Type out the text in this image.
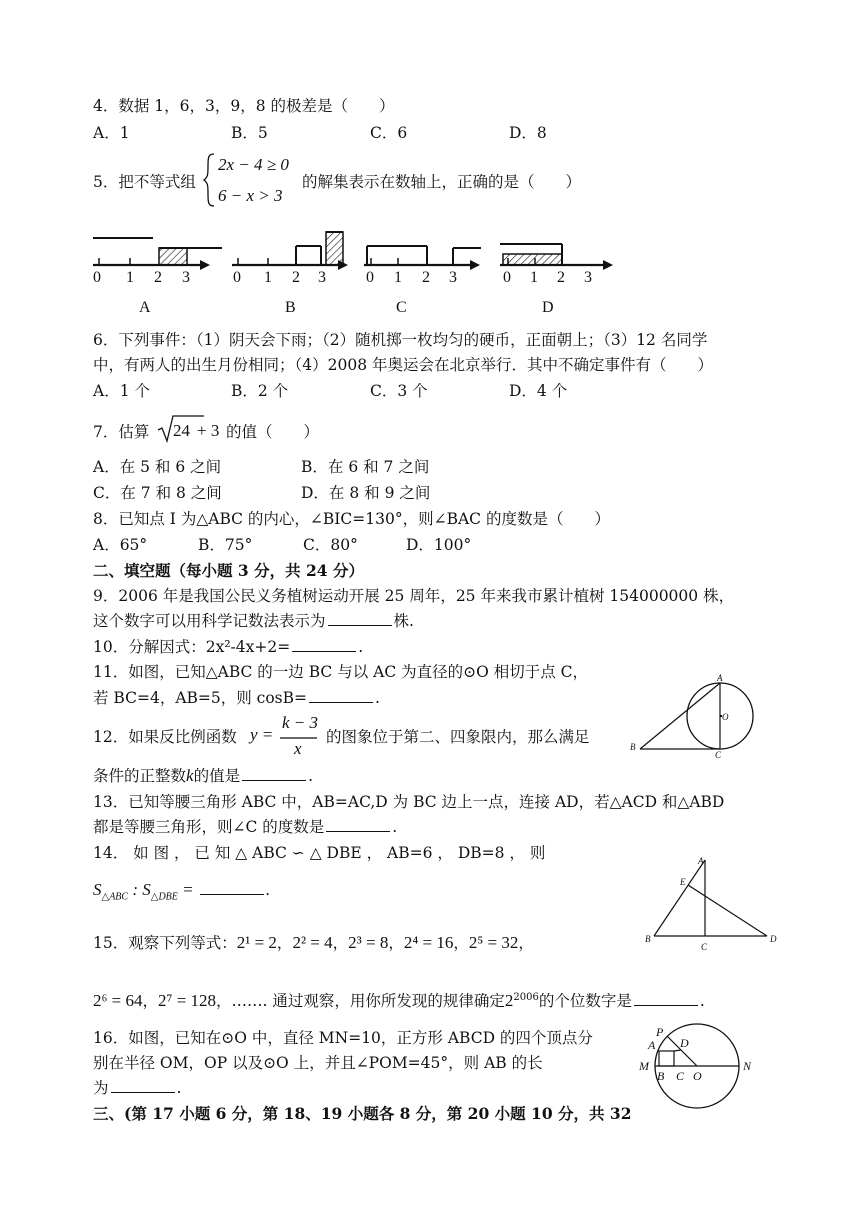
4．数据 1，6，3，9，8 的极差是（　　）
A．1	B．5	C．6	D．8
5．把不等式组
2x − 4 ≥ 0
6 − x > 3
的解集表示在数轴上，正确的是（　　）
0 1 2 3	0 1 2 3	0 1 2 3	0 1 2 3
A	B	C	D
6．下列事件：（1）阴天会下雨；（2）随机掷一枚均匀的硬币，正面朝上；（3）12 名同学
中，有两人的出生月份相同；（4）2008 年奥运会在北京举行．其中不确定事件有（　　）
A．1 个	B．2 个	C．3 个	D．4 个
7．估算 24 + 3 的值（　　）
A．在 5 和 6 之间	B．在 6 和 7 之间
C．在 7 和 8 之间	D．在 8 和 9 之间
8．已知点 I 为△ABC 的内心，∠BIC=130°，则∠BAC 的度数是（　　）
A．65°	B．75°	C．80°	D．100°
二、填空题（每小题 3 分，共 24 分）
9．2006 年是我国公民义务植树运动开展 25 周年，25 年来我市累计植树 154000000 株，
这个数字可以用科学记数法表示为	株.
10．分解因式：2x²-4x+2=	.
11．如图，已知△ABC 的一边 BC 与以 AC 为直径的⊙O 相切于点 C，
若 BC=4，AB=5，则 cosB=	.
A
O
B
C
12．如果反比例函数 y =
k − 3
x
的图象位于第二、四象限内，那么满足
条件的正整数k的值是	.
13．已知等腰三角形 ABC 中，AB=AC,D 为 BC 边上一点，连接 AD，若△ACD 和△ABD
都是等腰三角形，则∠C 的度数是	.
14． 如 图 ， 已 知 △ ABC ∽ △ DBE ， AB=6 ， DB=8 ， 则
$S_{\triangle ABC}$ : $S_{\triangle DBE}$ =	.
A
E
B
C
D
15．观察下列等式：2¹ = 2，2² = 4，2³ = 8，2⁴ = 16，2⁵ = 32，
2⁶ = 64，2⁷ = 128，……. 通过观察，用你所发现的规律确定$2^{2006}$的个位数字是	.
16．如图，已知在⊙O 中，直径 MN=10，正方形 ABCD 的四个顶点分
别在半径 OM，OP 以及⊙O 上，并且∠POM=45°，则 AB 的长
为	.
P
A D
M
B C O
N
三、(第 17 小题 6 分，第 18、19 小题各 8 分，第 20 小题 10 分，共 32
